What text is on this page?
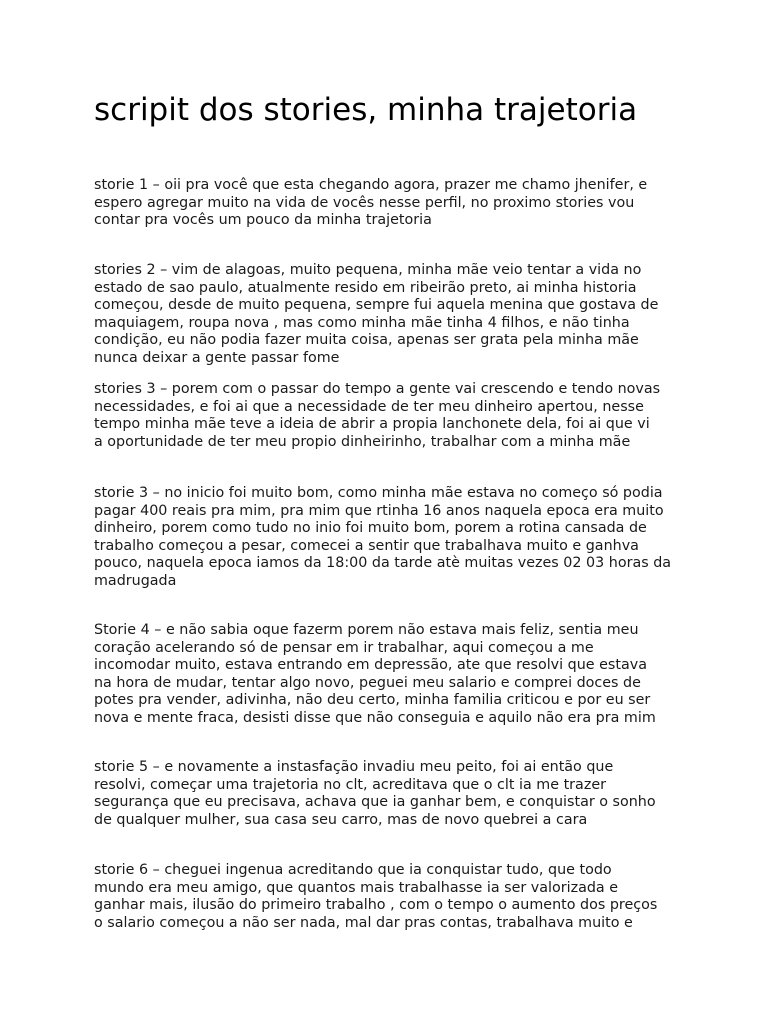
scripit dos stories, minha trajetoria
storie 1 – oii pra você que esta chegando agora, prazer me chamo jhenifer, e
espero agregar muito na vida de vocês nesse perfil, no proximo stories vou
contar pra vocês um pouco da minha trajetoria
stories 2 – vim de alagoas, muito pequena, minha mãe veio tentar a vida no
estado de sao paulo, atualmente resido em ribeirão preto, ai minha historia
começou, desde de muito pequena, sempre fui aquela menina que gostava de
maquiagem, roupa nova , mas como minha mãe tinha 4 filhos, e não tinha
condição, eu não podia fazer muita coisa, apenas ser grata pela minha mãe
nunca deixar a gente passar fome
stories 3 – porem com o passar do tempo a gente vai crescendo e tendo novas
necessidades, e foi ai que a necessidade de ter meu dinheiro apertou, nesse
tempo minha mãe teve a ideia de abrir a propia lanchonete dela, foi ai que vi
a oportunidade de ter meu propio dinheirinho, trabalhar com a minha mãe
storie 3 – no inicio foi muito bom, como minha mãe estava no começo só podia
pagar 400 reais pra mim, pra mim que rtinha 16 anos naquela epoca era muito
dinheiro, porem como tudo no inio foi muito bom, porem a rotina cansada de
trabalho começou a pesar, comecei a sentir que trabalhava muito e ganhva
pouco, naquela epoca iamos da 18:00 da tarde atè muitas vezes 02 03 horas da
madrugada
Storie 4 – e não sabia oque fazerm porem não estava mais feliz, sentia meu
coração acelerando só de pensar em ir trabalhar, aqui começou a me
incomodar muito, estava entrando em depressão, ate que resolvi que estava
na hora de mudar, tentar algo novo, peguei meu salario e comprei doces de
potes pra vender, adivinha, não deu certo, minha familia criticou e por eu ser
nova e mente fraca, desisti disse que não conseguia e aquilo não era pra mim
storie 5 – e novamente a instasfação invadiu meu peito, foi ai então que
resolvi, começar uma trajetoria no clt, acreditava que o clt ia me trazer
segurança que eu precisava, achava que ia ganhar bem, e conquistar o sonho
de qualquer mulher, sua casa seu carro, mas de novo quebrei a cara
storie 6 – cheguei ingenua acreditando que ia conquistar tudo, que todo
mundo era meu amigo, que quantos mais trabalhasse ia ser valorizada e
ganhar mais, ilusão do primeiro trabalho , com o tempo o aumento dos preços
o salario começou a não ser nada, mal dar pras contas, trabalhava muito e
